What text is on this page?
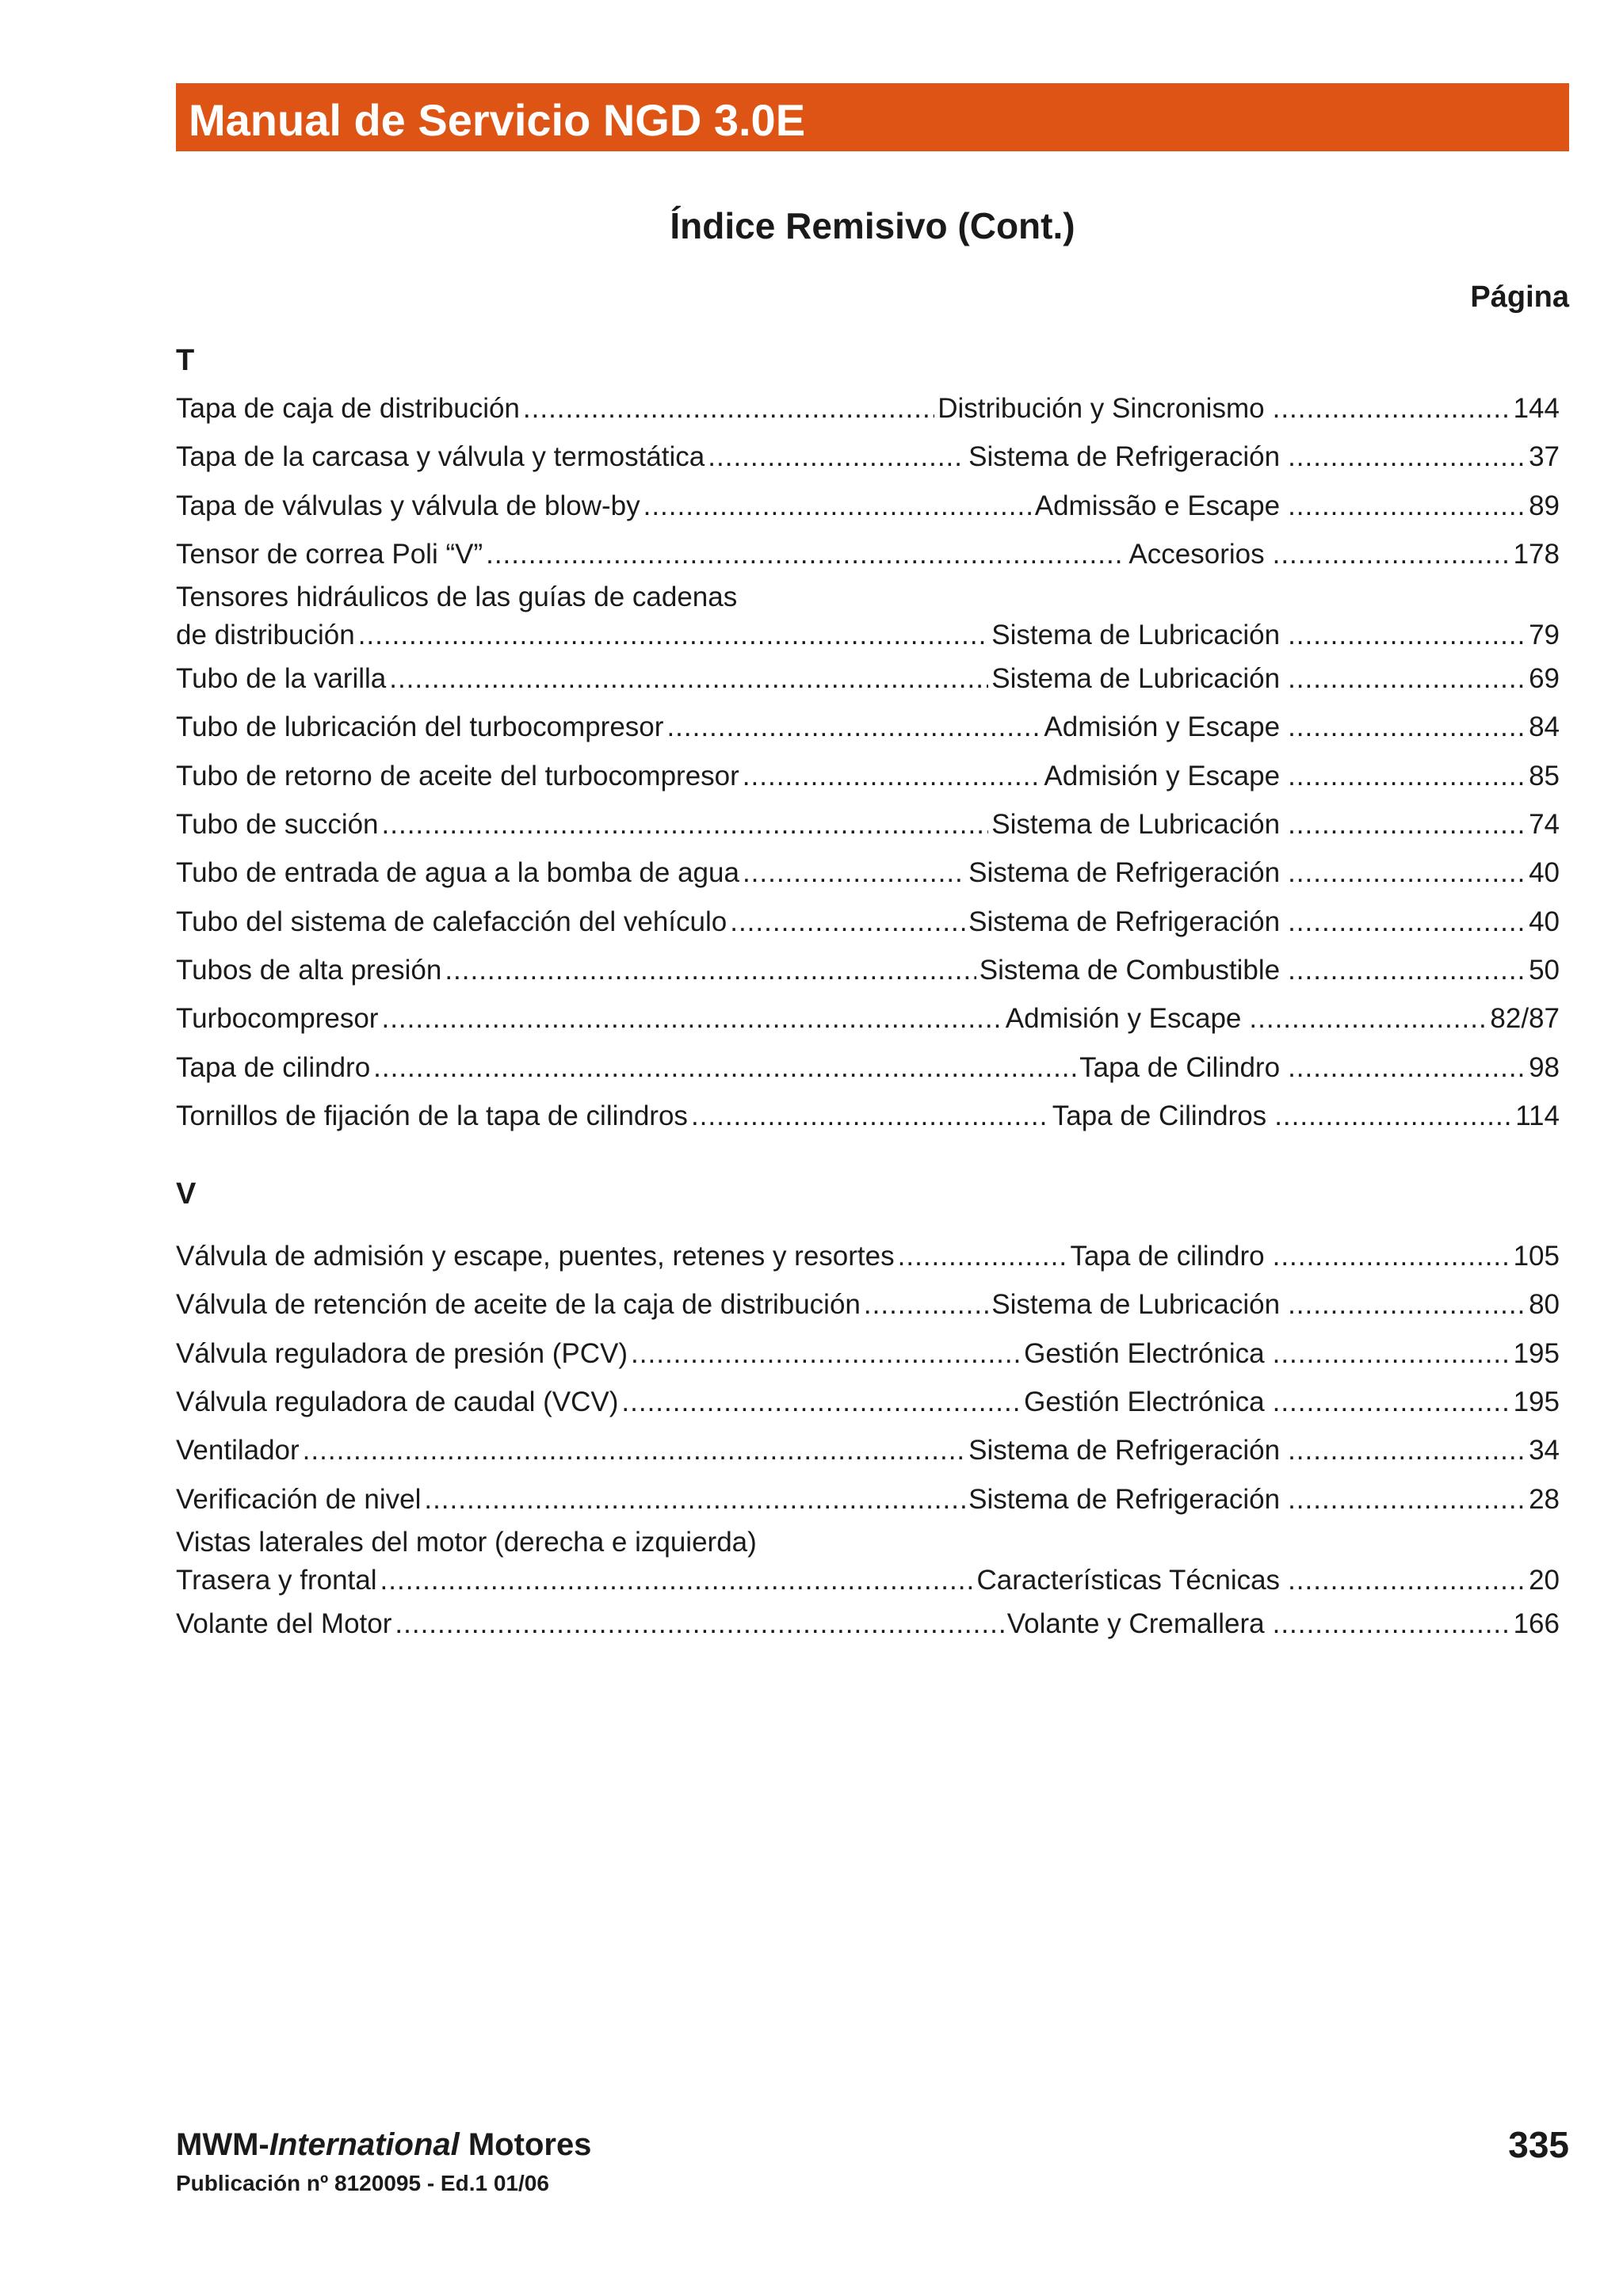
Manual de Servicio NGD 3.0E
Índice Remisivo (Cont.)
Página
T
Tapa de caja de distribución .....	Distribución y Sincronismo .....	144
Tapa de la carcasa y válvula y termostática .....	Sistema de Refrigeración .....	37
Tapa de válvulas y válvula de blow-by .....	Admissão e Escape .....	89
Tensor de correa Poli “V” .....	Accesorios .....	178
Tensores hidráulicos de las guías de cadenas
de distribución .....	Sistema de Lubricación .....	79
Tubo de la varilla .....	Sistema de Lubricación .....	69
Tubo de lubricación del turbocompresor .....	Admisión y Escape .....	84
Tubo de retorno de aceite del turbocompresor .....	Admisión y Escape .....	85
Tubo de succión .....	Sistema de Lubricación .....	74
Tubo de entrada de agua a la bomba de agua .....	Sistema de Refrigeración .....	40
Tubo del sistema de calefacción del vehículo .....	Sistema de Refrigeración .....	40
Tubos de alta presión .....	Sistema de Combustible .....	50
Turbocompresor .....	Admisión y Escape .....	82/87
Tapa de cilindro .....	Tapa de Cilindro .....	98
Tornillos de fijación de la tapa de cilindros .....	Tapa de Cilindros .....	114
V
Válvula de admisión y escape, puentes, retenes y resortes .....	Tapa de cilindro .....	105
Válvula de retención de aceite de la caja de distribución .....	Sistema de Lubricación .....	80
Válvula reguladora de presión (PCV) .....	Gestión Electrónica .....	195
Válvula reguladora de caudal (VCV) .....	Gestión Electrónica .....	195
Ventilador .....	Sistema de Refrigeración .....	34
Verificación de nivel .....	Sistema de Refrigeración .....	28
Vistas laterales del motor (derecha e izquierda)
Trasera y frontal .....	Características Técnicas .....	20
Volante del Motor .....	Volante y Cremallera .....	166
MWM-International Motores
Publicación nº 8120095 - Ed.1 01/06
335
